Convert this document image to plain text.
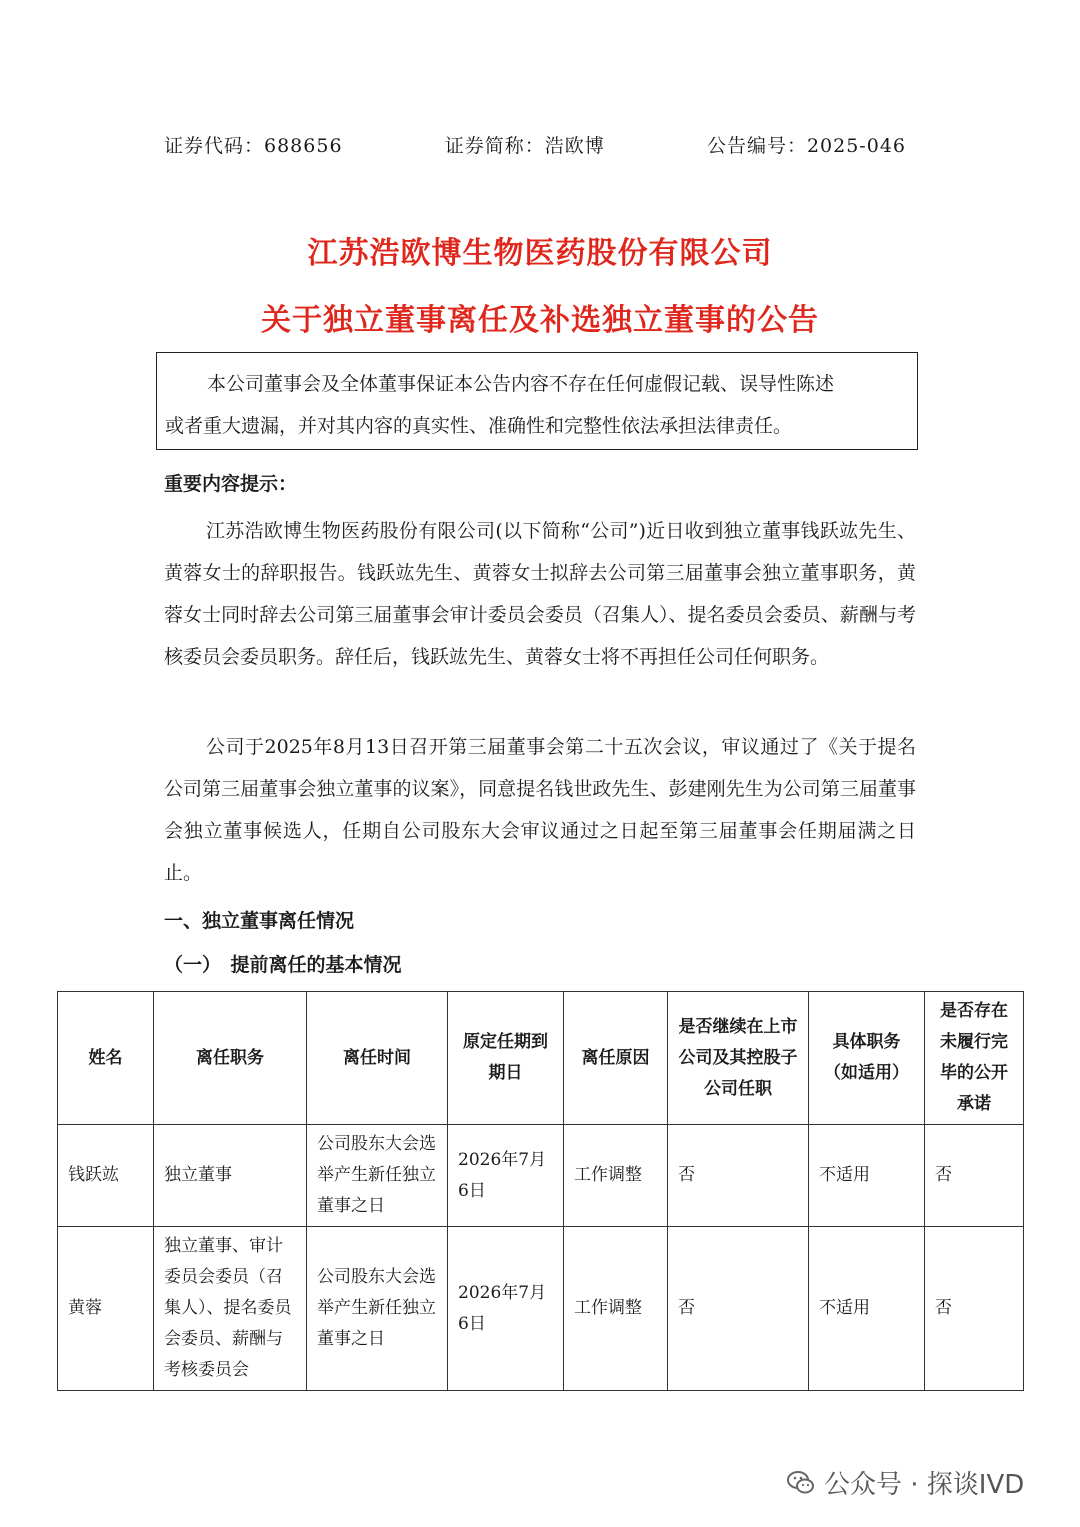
证券代码：688656	证券简称：浩欧博	公告编号：2025-046
江苏浩欧博生物医药股份有限公司
关于独立董事离任及补选独立董事的公告
本公司董事会及全体董事保证本公告内容不存在任何虚假记载、误导性陈述
或者重大遗漏，并对其内容的真实性、准确性和完整性依法承担法律责任。
重要内容提示：
江苏浩欧博生物医药股份有限公司(以下简称“公司”)近日收到独立董事钱跃竑先生、黄蓉女士的辞职报告。钱跃竑先生、黄蓉女士拟辞去公司第三届董事会独立董事职务，黄蓉女士同时辞去公司第三届董事会审计委员会委员（召集人）、提名委员会委员、薪酬与考核委员会委员职务。辞任后，钱跃竑先生、黄蓉女士将不再担任公司任何职务。
公司于2025年8月13日召开第三届董事会第二十五次会议，审议通过了《关于提名公司第三届董事会独立董事的议案》，同意提名钱世政先生、彭建刚先生为公司第三届董事会独立董事候选人，任期自公司股东大会审议通过之日起至第三届董事会任期届满之日止。
一、独立董事离任情况
（一）　提前离任的基本情况
姓名	离任职务	离任时间	原定任期到期日	离任原因	是否继续在上市公司及其控股子公司任职	具体职务（如适用）	是否存在未履行完毕的公开承诺
钱跃竑	独立董事	公司股东大会选举产生新任独立董事之日	2026年7月6日	工作调整	否	不适用	否
黄蓉	独立董事、审计委员会委员（召集人）、提名委员会委员、薪酬与考核委员会	公司股东大会选举产生新任独立董事之日	2026年7月6日	工作调整	否	不适用	否
公众号 · 探谈IVD
